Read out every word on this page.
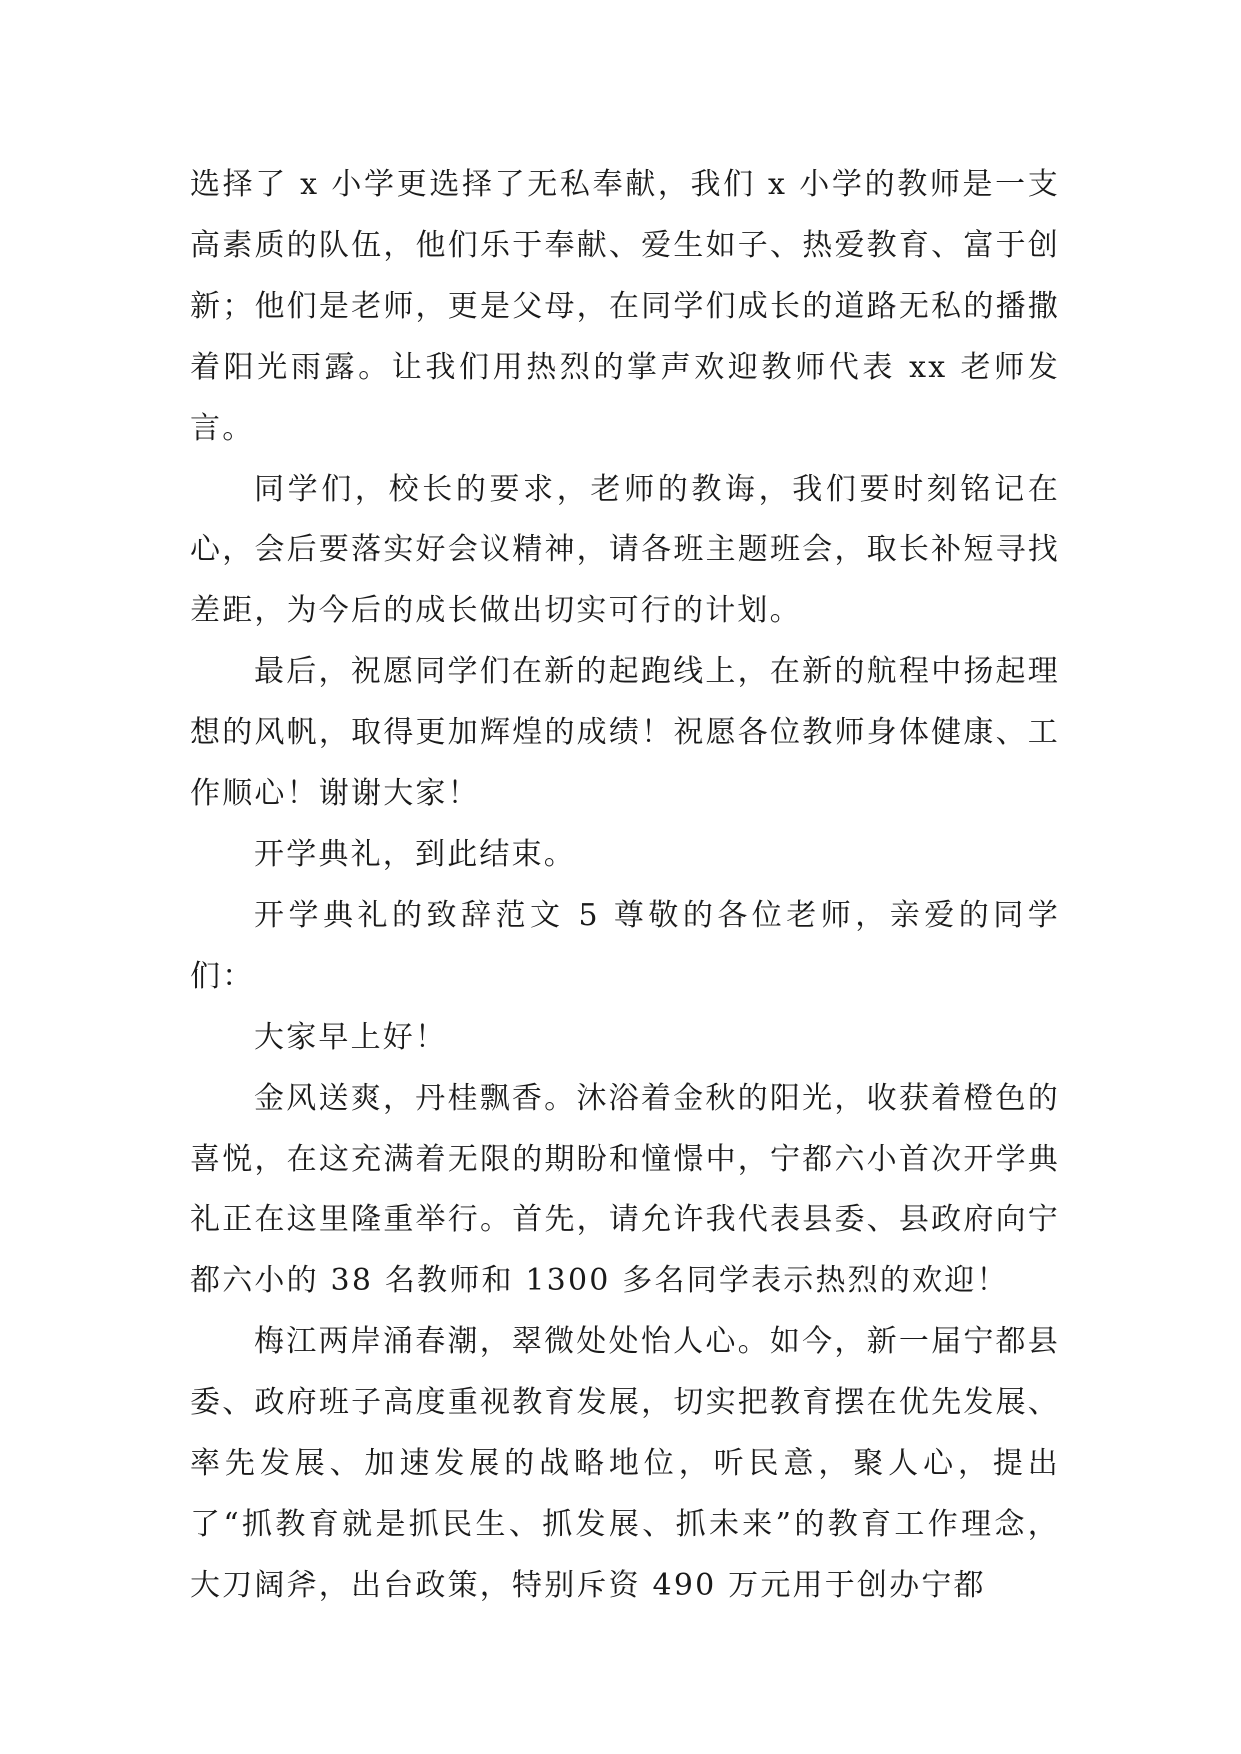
选择了 x 小学更选择了无私奉献，我们 x 小学的教师是一支高素质的队伍，他们乐于奉献、爱生如子、热爱教育、富于创新；他们是老师，更是父母，在同学们成长的道路无私的播撒着阳光雨露。让我们用热烈的掌声欢迎教师代表 xx 老师发言。

同学们，校长的要求，老师的教诲，我们要时刻铭记在心，会后要落实好会议精神，请各班主题班会，取长补短寻找差距，为今后的成长做出切实可行的计划。

最后，祝愿同学们在新的起跑线上，在新的航程中扬起理想的风帆，取得更加辉煌的成绩！祝愿各位教师身体健康、工作顺心！谢谢大家！

开学典礼，到此结束。

开学典礼的致辞范文 5 尊敬的各位老师，亲爱的同学们：

大家早上好！

金风送爽，丹桂飘香。沐浴着金秋的阳光，收获着橙色的喜悦，在这充满着无限的期盼和憧憬中，宁都六小首次开学典礼正在这里隆重举行。首先，请允许我代表县委、县政府向宁都六小的 38 名教师和 1300 多名同学表示热烈的欢迎！

梅江两岸涌春潮，翠微处处怡人心。如今，新一届宁都县委、政府班子高度重视教育发展，切实把教育摆在优先发展、率先发展、加速发展的战略地位，听民意，聚人心，提出了“抓教育就是抓民生、抓发展、抓未来”的教育工作理念，大刀阔斧，出台政策，特别斥资 490 万元用于创办宁都
